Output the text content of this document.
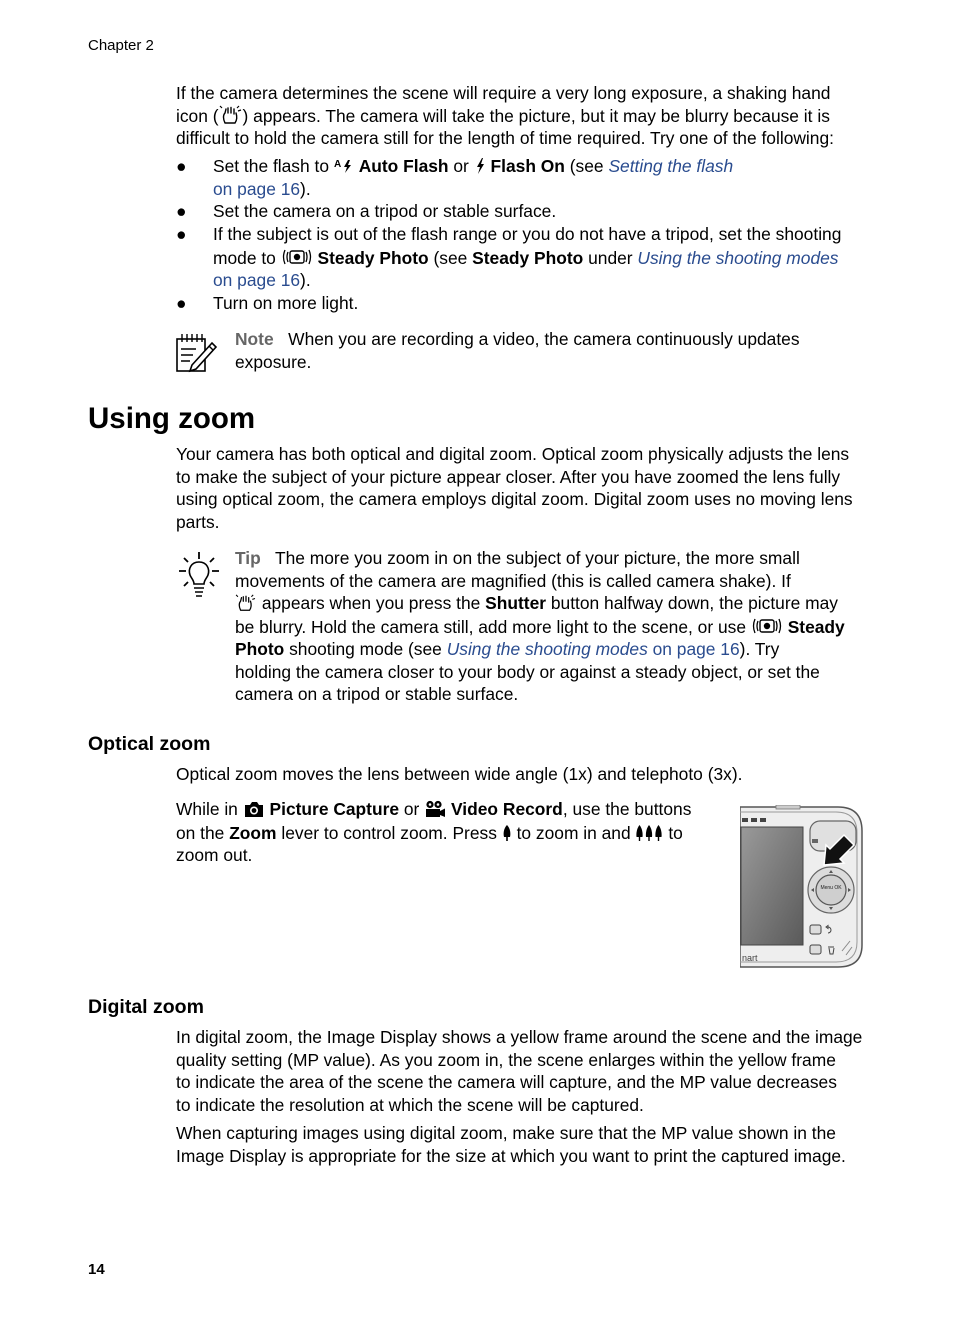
Chapter 2
If the camera determines the scene will require a very long exposure, a shaking hand
icon ( ) appears. The camera will take the picture, but it may be blurry because it is
difficult to hold the camera still for the length of time required. Try one of the following:
● Set the flash to A Auto Flash or  Flash On (see Setting the flash
on page 16).
● Set the camera on a tripod or stable surface.
● If the subject is out of the flash range or you do not have a tripod, set the shooting
mode to  Steady Photo (see Steady Photo under Using the shooting modes
on page 16).
● Turn on more light.
Note When you are recording a video, the camera continuously updates
exposure.
Using zoom
Your camera has both optical and digital zoom. Optical zoom physically adjusts the lens
to make the subject of your picture appear closer. After you have zoomed the lens fully
using optical zoom, the camera employs digital zoom. Digital zoom uses no moving lens
parts.
Tip The more you zoom in on the subject of your picture, the more small
movements of the camera are magnified (this is called camera shake). If
appears when you press the Shutter button halfway down, the picture may
be blurry. Hold the camera still, add more light to the scene, or use  Steady
Photo shooting mode (see Using the shooting modes on page 16). Try
holding the camera closer to your body or against a steady object, or set the
camera on a tripod or stable surface.
Optical zoom
Optical zoom moves the lens between wide angle (1x) and telephoto (3x).
While in  Picture Capture or  Video Record, use the buttons
on the Zoom lever to control zoom. Press  to zoom in and  to
zoom out.
Menu OK
nart
Digital zoom
In digital zoom, the Image Display shows a yellow frame around the scene and the image
quality setting (MP value). As you zoom in, the scene enlarges within the yellow frame
to indicate the area of the scene the camera will capture, and the MP value decreases
to indicate the resolution at which the scene will be captured.
When capturing images using digital zoom, make sure that the MP value shown in the
Image Display is appropriate for the size at which you want to print the captured image.
14
